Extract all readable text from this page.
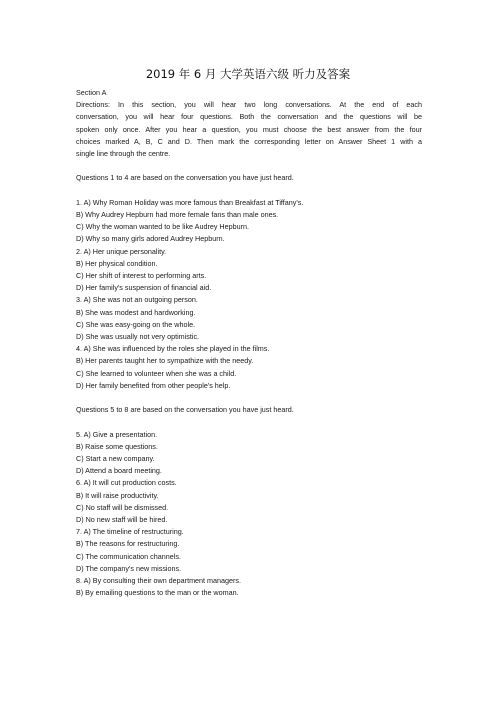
2019 年 6 月 大学英语六级 听力及答案
Section A
Directions: In this section, you will hear two long conversations. At the end of each
conversation, you will hear four questions. Both the conversation and the questions will be
spoken only once. After you hear a question, you must choose the best answer from the four
choices marked A, B, C and D. Then mark the corresponding letter on Answer Sheet 1 with a
single line through the centre.
Questions 1 to 4 are based on the conversation you have just heard.
1. A) Why Roman Holiday was more famous than Breakfast at Tiffany's.
B) Why Audrey Hepburn had more female fans than male ones.
C) Why the woman wanted to be like Audrey Hepburn.
D) Why so many girls adored Audrey Hepburn.
2. A) Her unique personality.
B) Her physical condition.
C) Her shift of interest to performing arts.
D) Her family's suspension of financial aid.
3. A) She was not an outgoing person.
B) She was modest and hardworking.
C) She was easy-going on the whole.
D) She was usually not very optimistic.
4. A) She was influenced by the roles she played in the films.
B) Her parents taught her to sympathize with the needy.
C) She learned to volunteer when she was a child.
D) Her family benefited from other people's help.
Questions 5 to 8 are based on the conversation you have just heard.
5. A) Give a presentation.
B) Raise some questions.
C) Start a new company.
D) Attend a board meeting.
6. A) It will cut production costs.
B) It will raise productivity.
C) No staff will be dismissed.
D) No new staff will be hired.
7. A) The timeline of restructuring.
B) The reasons for restructuring.
C) The communication channels.
D) The company's new missions.
8. A) By consulting their own department managers.
B) By emailing questions to the man or the woman.
